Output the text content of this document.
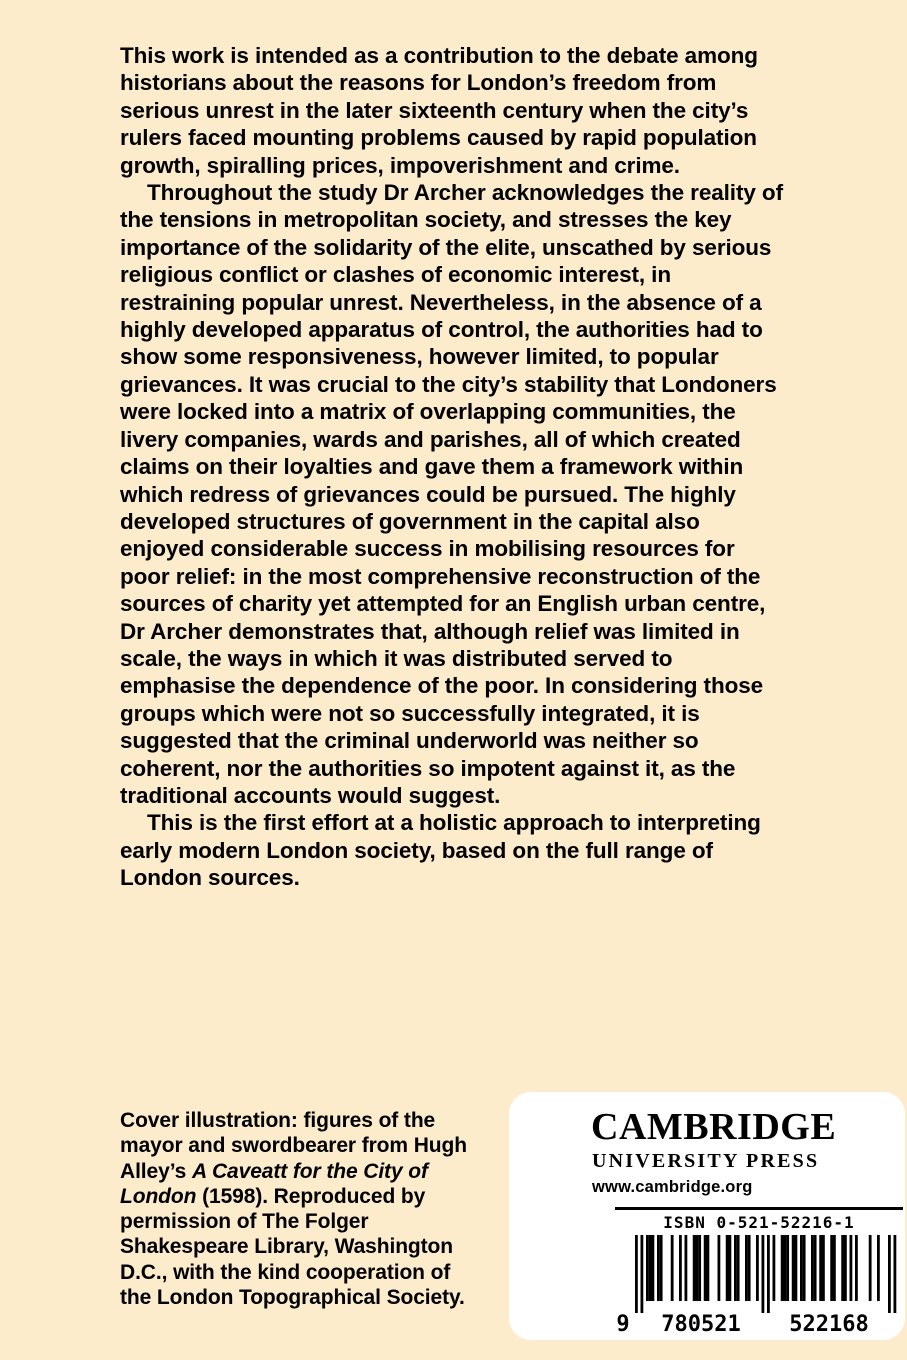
This work is intended as a contribution to the debate among historians about the reasons for London’s freedom from serious unrest in the later sixteenth century when the city’s rulers faced mounting problems caused by rapid population growth, spiralling prices, impoverishment and crime.

Throughout the study Dr Archer acknowledges the reality of the tensions in metropolitan society, and stresses the key importance of the solidarity of the elite, unscathed by serious religious conflict or clashes of economic interest, in restraining popular unrest. Nevertheless, in the absence of a highly developed apparatus of control, the authorities had to show some responsiveness, however limited, to popular grievances. It was crucial to the city’s stability that Londoners were locked into a matrix of overlapping communities, the livery companies, wards and parishes, all of which created claims on their loyalties and gave them a framework within which redress of grievances could be pursued. The highly developed structures of government in the capital also enjoyed considerable success in mobilising resources for poor relief: in the most comprehensive reconstruction of the sources of charity yet attempted for an English urban centre, Dr Archer demonstrates that, although relief was limited in scale, the ways in which it was distributed served to emphasise the dependence of the poor. In considering those groups which were not so successfully integrated, it is suggested that the criminal underworld was neither so coherent, nor the authorities so impotent against it, as the traditional accounts would suggest.

This is the first effort at a holistic approach to interpreting early modern London society, based on the full range of London sources.

Cover illustration: figures of the mayor and swordbearer from Hugh Alley’s A Caveatt for the City of London (1598). Reproduced by permission of The Folger Shakespeare Library, Washington D.C., with the kind cooperation of the London Topographical Society.
CAMBRIDGE
UNIVERSITY PRESS
www.cambridge.org
ISBN 0-521-52216-1
9 780521 522168
